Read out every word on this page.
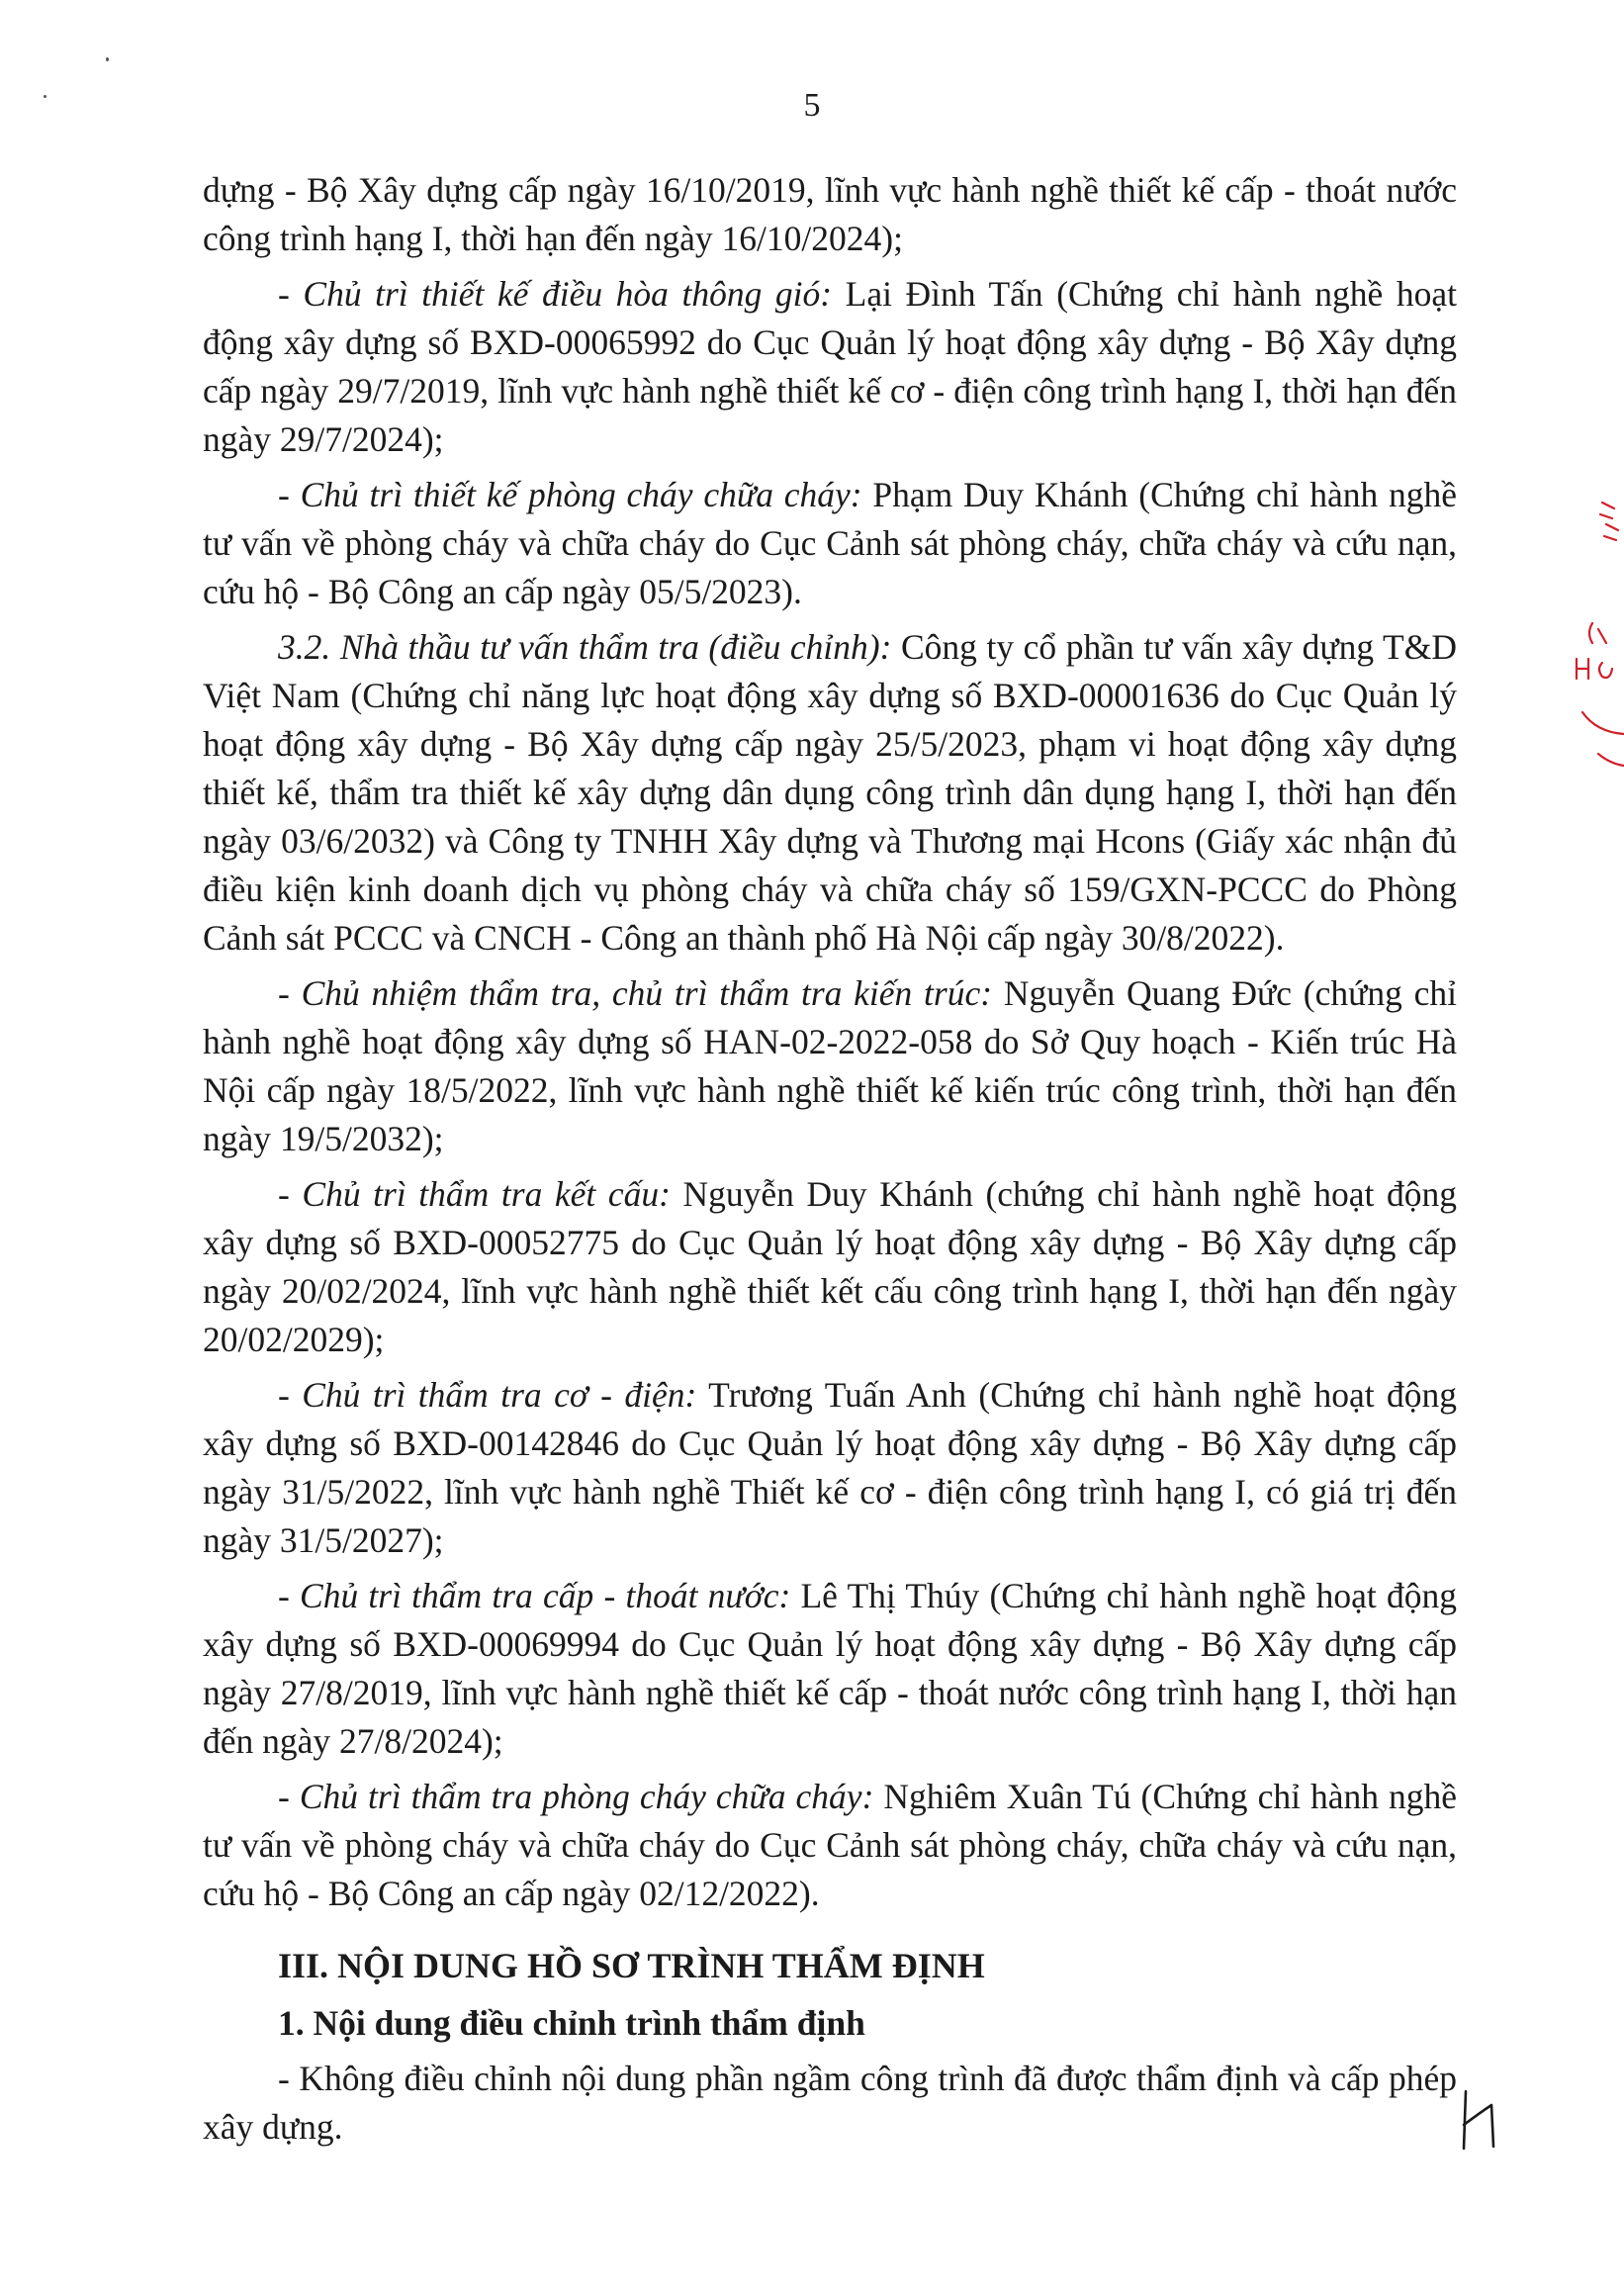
5

dựng - Bộ Xây dựng cấp ngày 16/10/2019, lĩnh vực hành nghề thiết kế cấp - thoát nước công trình hạng I, thời hạn đến ngày 16/10/2024);

- Chủ trì thiết kế điều hòa thông gió: Lại Đình Tấn (Chứng chỉ hành nghề hoạt động xây dựng số BXD-00065992 do Cục Quản lý hoạt động xây dựng - Bộ Xây dựng cấp ngày 29/7/2019, lĩnh vực hành nghề thiết kế cơ - điện công trình hạng I, thời hạn đến ngày 29/7/2024);

- Chủ trì thiết kế phòng cháy chữa cháy: Phạm Duy Khánh (Chứng chỉ hành nghề tư vấn về phòng cháy và chữa cháy do Cục Cảnh sát phòng cháy, chữa cháy và cứu nạn, cứu hộ - Bộ Công an cấp ngày 05/5/2023).

3.2. Nhà thầu tư vấn thẩm tra (điều chỉnh): Công ty cổ phần tư vấn xây dựng T&D Việt Nam (Chứng chỉ năng lực hoạt động xây dựng số BXD-00001636 do Cục Quản lý hoạt động xây dựng - Bộ Xây dựng cấp ngày 25/5/2023, phạm vi hoạt động xây dựng thiết kế, thẩm tra thiết kế xây dựng dân dụng công trình dân dụng hạng I, thời hạn đến ngày 03/6/2032) và Công ty TNHH Xây dựng và Thương mại Hcons (Giấy xác nhận đủ điều kiện kinh doanh dịch vụ phòng cháy và chữa cháy số 159/GXN-PCCC do Phòng Cảnh sát PCCC và CNCH - Công an thành phố Hà Nội cấp ngày 30/8/2022).

- Chủ nhiệm thẩm tra, chủ trì thẩm tra kiến trúc: Nguyễn Quang Đức (chứng chỉ hành nghề hoạt động xây dựng số HAN-02-2022-058 do Sở Quy hoạch - Kiến trúc Hà Nội cấp ngày 18/5/2022, lĩnh vực hành nghề thiết kế kiến trúc công trình, thời hạn đến ngày 19/5/2032);

- Chủ trì thẩm tra kết cấu: Nguyễn Duy Khánh (chứng chỉ hành nghề hoạt động xây dựng số BXD-00052775 do Cục Quản lý hoạt động xây dựng - Bộ Xây dựng cấp ngày 20/02/2024, lĩnh vực hành nghề thiết kết cấu công trình hạng I, thời hạn đến ngày 20/02/2029);

- Chủ trì thẩm tra cơ - điện: Trương Tuấn Anh (Chứng chỉ hành nghề hoạt động xây dựng số BXD-00142846 do Cục Quản lý hoạt động xây dựng - Bộ Xây dựng cấp ngày 31/5/2022, lĩnh vực hành nghề Thiết kế cơ - điện công trình hạng I, có giá trị đến ngày 31/5/2027);

- Chủ trì thẩm tra cấp - thoát nước: Lê Thị Thúy (Chứng chỉ hành nghề hoạt động xây dựng số BXD-00069994 do Cục Quản lý hoạt động xây dựng - Bộ Xây dựng cấp ngày 27/8/2019, lĩnh vực hành nghề thiết kế cấp - thoát nước công trình hạng I, thời hạn đến ngày 27/8/2024);

- Chủ trì thẩm tra phòng cháy chữa cháy: Nghiêm Xuân Tú (Chứng chỉ hành nghề tư vấn về phòng cháy và chữa cháy do Cục Cảnh sát phòng cháy, chữa cháy và cứu nạn, cứu hộ - Bộ Công an cấp ngày 02/12/2022).

III. NỘI DUNG HỒ SƠ TRÌNH THẨM ĐỊNH
1. Nội dung điều chỉnh trình thẩm định

- Không điều chỉnh nội dung phần ngầm công trình đã được thẩm định và cấp phép xây dựng.
